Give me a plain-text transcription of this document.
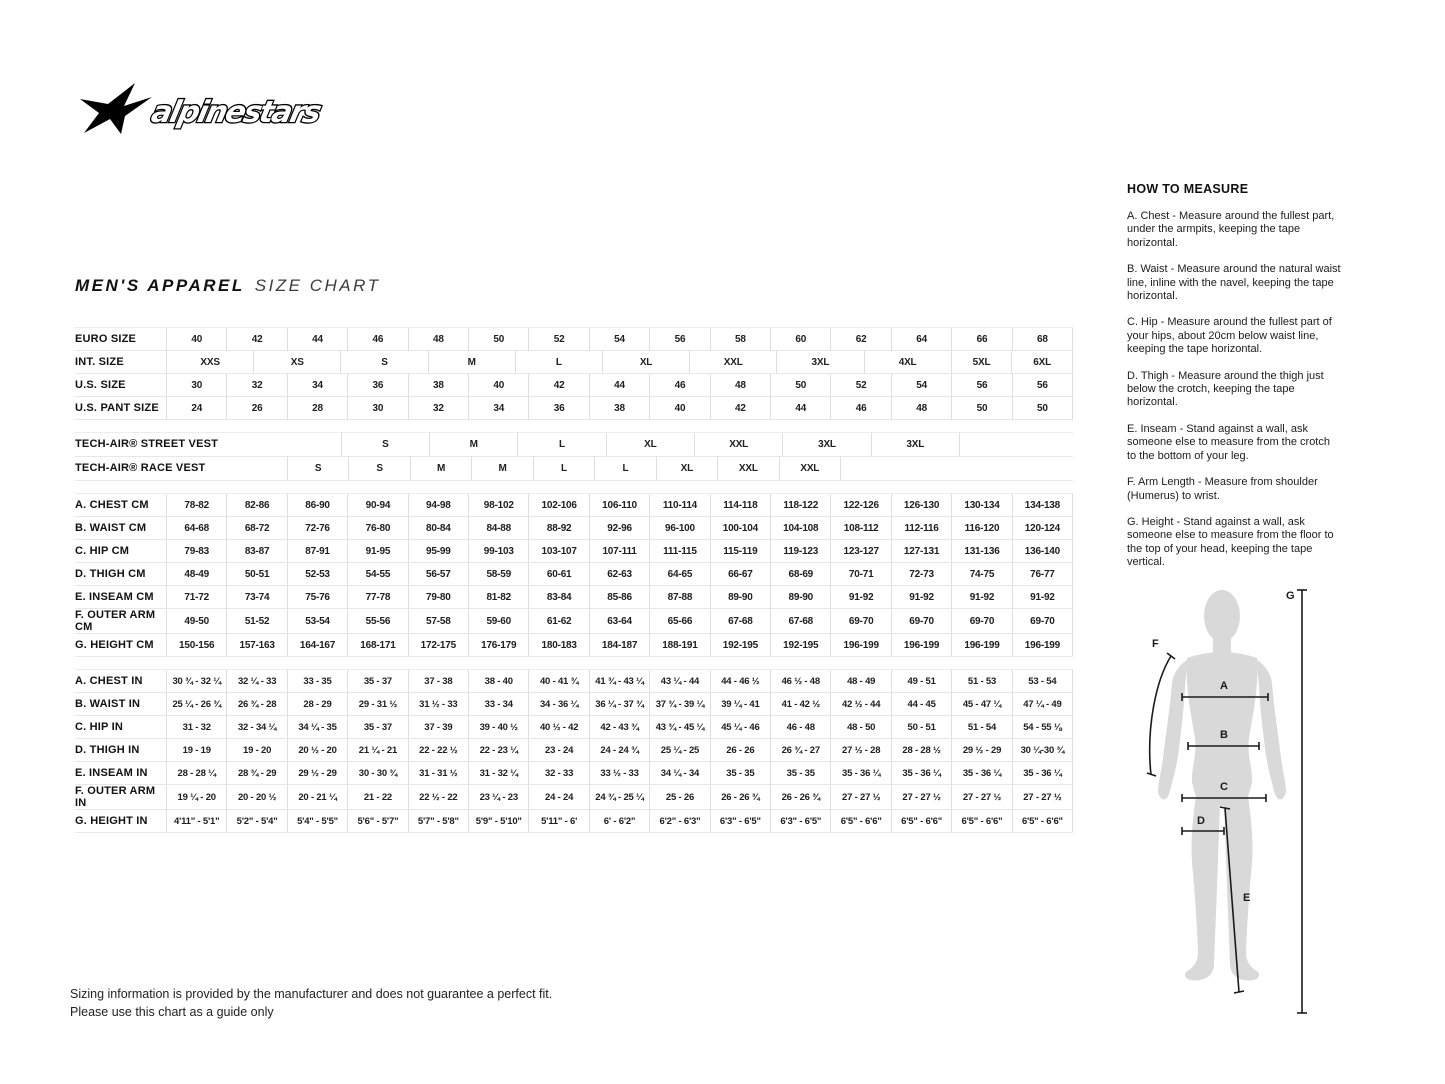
alpinestars
MEN'S APPAREL SIZE CHART
EURO SIZE	40	42	44	46	48	50	52	54	56	58	60	62	64	66	68
INT. SIZE	XXS	XS	S	M	L	XL	XXL	3XL	4XL	5XL	6XL
U.S. SIZE	30	32	34	36	38	40	42	44	46	48	50	52	54	56	56
U.S. PANT SIZE	24	26	28	30	32	34	36	38	40	42	44	46	48	50	50
TECH-AIR® STREET VEST	S	M	L	XL	XXL	3XL	3XL
TECH-AIR® RACE VEST	S	S	M	M	L	L	XL	XXL	XXL
A. CHEST CM	78-82	82-86	86-90	90-94	94-98	98-102	102-106	106-110	110-114	114-118	118-122	122-126	126-130	130-134	134-138
B. WAIST CM	64-68	68-72	72-76	76-80	80-84	84-88	88-92	92-96	96-100	100-104	104-108	108-112	112-116	116-120	120-124
C. HIP CM	79-83	83-87	87-91	91-95	95-99	99-103	103-107	107-111	111-115	115-119	119-123	123-127	127-131	131-136	136-140
D. THIGH CM	48-49	50-51	52-53	54-55	56-57	58-59	60-61	62-63	64-65	66-67	68-69	70-71	72-73	74-75	76-77
E. INSEAM CM	71-72	73-74	75-76	77-78	79-80	81-82	83-84	85-86	87-88	89-90	89-90	91-92	91-92	91-92	91-92
F. OUTER ARM CM	49-50	51-52	53-54	55-56	57-58	59-60	61-62	63-64	65-66	67-68	67-68	69-70	69-70	69-70	69-70
G. HEIGHT CM	150-156	157-163	164-167	168-171	172-175	176-179	180-183	184-187	188-191	192-195	192-195	196-199	196-199	196-199	196-199
A. CHEST IN	30 ¾ - 32 ¼	32 ¼ - 33	33 - 35	35 - 37	37 - 38	38 - 40	40 - 41 ¾	41 ¾ - 43 ¼	43 ¼ - 44	44 - 46 ½	46 ½ - 48	48 - 49	49 - 51	51 - 53	53 - 54
B. WAIST IN	25 ¼ - 26 ¾	26 ¾ - 28	28 - 29	29 - 31 ½	31 ½ - 33	33 - 34	34 - 36 ¼	36 ¼ - 37 ¾	37 ¾ - 39 ¼	39 ¼ - 41	41 - 42 ½	42 ½ - 44	44 - 45	45 - 47 ¼	47 ¼ - 49
C. HIP IN	31 - 32	32 - 34 ¼	34 ¼ - 35	35 - 37	37 - 39	39 - 40 ½	40 ½ - 42	42 - 43 ¾	43 ¾ - 45 ¼	45 ¼ - 46	46 - 48	48 - 50	50 - 51	51 - 54	54 - 55 ⅛
D. THIGH IN	19 - 19	19 - 20	20 ½ - 20	21 ¼ - 21	22 - 22 ½	22 - 23 ¼	23 - 24	24 - 24 ¾	25 ¼ - 25	26 - 26	26 ¾ - 27	27 ½ - 28	28 - 28 ½	29 ½ - 29	30 ¼-30 ¾
E. INSEAM IN	28 - 28 ¼	28 ¾ - 29	29 ½ - 29	30 - 30 ¾	31 - 31 ½	31 - 32 ¼	32 - 33	33 ½ - 33	34 ¼ - 34	35 - 35	35 - 35	35 - 36 ¼	35 - 36 ¼	35 - 36 ¼	35 - 36 ¼
F. OUTER ARM IN	19 ¼ - 20	20 - 20 ½	20 - 21 ¼	21 - 22	22 ½ - 22	23 ¼ - 23	24 - 24	24 ¾ - 25 ¼	25 - 26	26 - 26 ¾	26 - 26 ¾	27 - 27 ½	27 - 27 ½	27 - 27 ½	27 - 27 ½
G. HEIGHT IN	4'11" - 5'1"	5'2" - 5'4"	5'4" - 5'5"	5'6" - 5'7"	5'7" - 5'8"	5'9" - 5'10"	5'11" - 6'	6' - 6'2"	6'2" - 6'3"	6'3" - 6'5"	6'3" - 6'5"	6'5" - 6'6"	6'5" - 6'6"	6'5" - 6'6"	6'5" - 6'6"
HOW TO MEASURE

A. Chest - Measure around the fullest part, under the armpits, keeping the tape horizontal.

B. Waist - Measure around the natural waist line, inline with the navel, keeping the tape horizontal.

C. Hip - Measure around the fullest part of your hips, about 20cm below waist line, keeping the tape horizontal.

D. Thigh - Measure around the thigh just below the crotch, keeping the tape horizontal.

E. Inseam - Stand against a wall, ask someone else to measure from the crotch to the bottom of your leg.

F. Arm Length - Measure from shoulder (Humerus) to wrist.

G. Height - Stand against a wall, ask someone else to measure from the floor to the top of your head, keeping the tape vertical.

A
B
C
D
E
F
G
Sizing information is provided by the manufacturer and does not guarantee a perfect fit.
Please use this chart as a guide only
